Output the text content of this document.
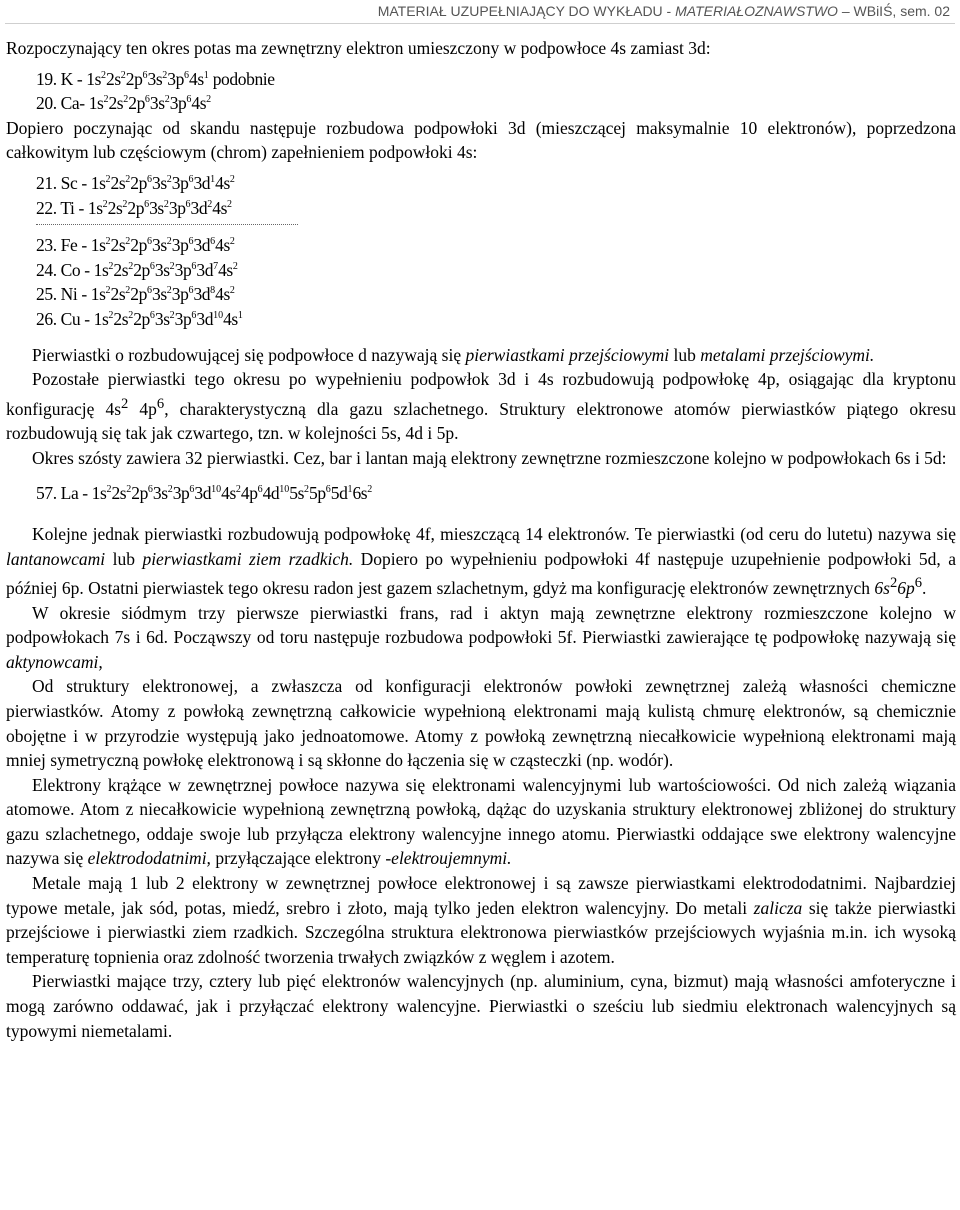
MATERIAŁ UZUPEŁNIAJĄCY DO WYKŁADU - MATERIAŁOZNAWSTWO – WBiIŚ, sem. 02

Rozpoczynający ten okres potas ma zewnętrzny elektron umieszczony w podpowłoce 4s zamiast 3d:

19. K - $1s^22s^22p^63s^23p^64s^1$ podobnie

20. Ca- $1s^22s^22p^63s^23p^64s^2$

Dopiero poczynając od skandu następuje rozbudowa podpowłoki 3d (mieszczącej maksymalnie 10 elektronów), poprzedzona całkowitym lub częściowym (chrom) zapełnieniem podpowłoki 4s:

21. Sc - $1s^22s^22p^63s^23p^63d^14s^2$

22. Ti - $1s^22s^22p^63s^23p^63d^24s^2$

23. Fe - $1s^22s^22p^63s^23p^63d^64s^2$

24. Co - $1s^22s^22p^63s^23p^63d^74s^2$

25. Ni - $1s^22s^22p^63s^23p^63d^84s^2$

26. Cu - $1s^22s^22p^63s^23p^63d^{10}4s^1$

Pierwiastki o rozbudowującej się podpowłoce d nazywają się pierwiastkami przejściowymi lub metalami przejściowymi.

Pozostałe pierwiastki tego okresu po wypełnieniu podpowłok 3d i 4s rozbudowują podpowłokę 4p, osiągając dla kryptonu konfigurację $4s^2$ $4p^6$, charakterystyczną dla gazu szlachetnego. Struktury elektronowe atomów pierwiastków piątego okresu rozbudowują się tak jak czwartego, tzn. w kolejności 5s, 4d i 5p.

Okres szósty zawiera 32 pierwiastki. Cez, bar i lantan mają elektrony zewnętrzne rozmieszczone kolejno w podpowłokach 6s i 5d:

57. La - $1s^22s^22p^63s^23p^63d^{10}4s^24p^64d^{10}5s^25p^65d^16s^2$

Kolejne jednak pierwiastki rozbudowują podpowłokę 4f, mieszczącą 14 elektronów. Te pierwiastki (od ceru do lutetu) nazywa się lantanowcami lub pierwiastkami ziem rzadkich. Dopiero po wypełnieniu podpowłoki 4f następuje uzupełnienie podpowłoki 5d, a później 6p. Ostatni pierwiastek tego okresu radon jest gazem szlachetnym, gdyż ma konfigurację elektronów zewnętrznych $6s^26p^6$.

W okresie siódmym trzy pierwsze pierwiastki frans, rad i aktyn mają zewnętrzne elektrony rozmieszczone kolejno w podpowłokach 7s i 6d. Począwszy od toru następuje rozbudowa podpowłoki 5f. Pierwiastki zawierające tę podpowłokę nazywają się aktynowcami,

Od struktury elektronowej, a zwłaszcza od konfiguracji elektronów powłoki zewnętrznej zależą własności chemiczne pierwiastków. Atomy z powłoką zewnętrzną całkowicie wypełnioną elektronami mają kulistą chmurę elektronów, są chemicznie obojętne i w przyrodzie występują jako jednoatomowe. Atomy z powłoką zewnętrzną niecałkowicie wypełnioną elektronami mają mniej symetryczną powłokę elektronową i są skłonne do łączenia się w cząsteczki (np. wodór).

Elektrony krążące w zewnętrznej powłoce nazywa się elektronami walencyjnymi lub wartościowości. Od nich zależą wiązania atomowe. Atom z niecałkowicie wypełnioną zewnętrzną powłoką, dążąc do uzyskania struktury elektronowej zbliżonej do struktury gazu szlachetnego, oddaje swoje lub przyłącza elektrony walencyjne innego atomu. Pierwiastki oddające swe elektrony walencyjne nazywa się elektrododatnimi, przyłączające elektrony -elektroujemnymi.

Metale mają 1 lub 2 elektrony w zewnętrznej powłoce elektronowej i są zawsze pierwiastkami elektrododatnimi. Najbardziej typowe metale, jak sód, potas, miedź, srebro i złoto, mają tylko jeden elektron walencyjny. Do metali zalicza się także pierwiastki przejściowe i pierwiastki ziem rzadkich. Szczególna struktura elektronowa pierwiastków przejściowych wyjaśnia m.in. ich wysoką temperaturę topnienia oraz zdolność tworzenia trwałych związków z węglem i azotem.

Pierwiastki mające trzy, cztery lub pięć elektronów walencyjnych (np. aluminium, cyna, bizmut) mają własności amfoteryczne i mogą zarówno oddawać, jak i przyłączać elektrony walencyjne. Pierwiastki o sześciu lub siedmiu elektronach walencyjnych są typowymi niemetalami.
